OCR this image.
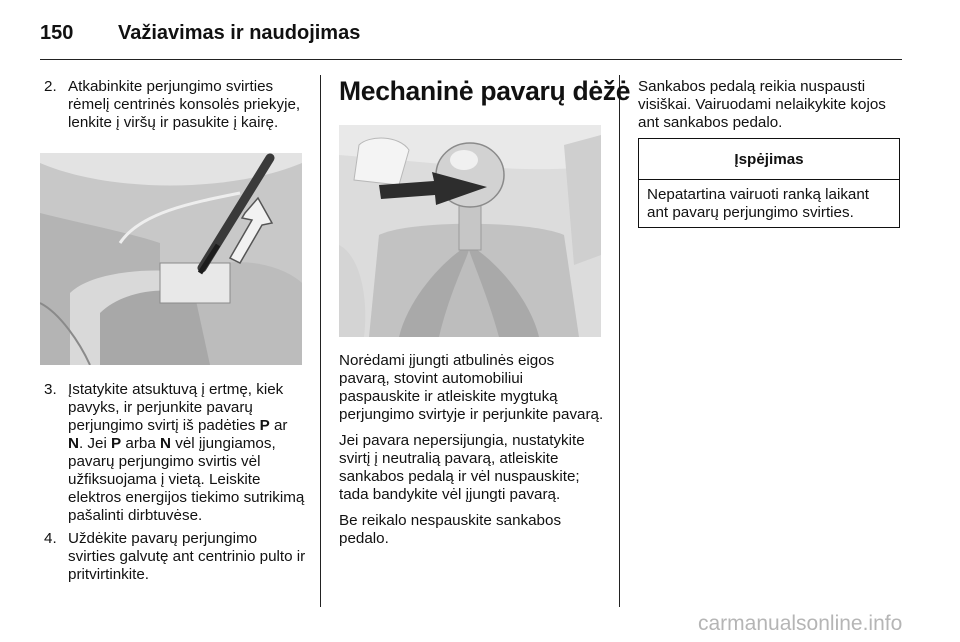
150	Važiavimas ir naudojimas
2. Atkabinkite perjungimo svirties rėmelį centrinės konsolės priekyje, lenkite į viršų ir pasukite į kairę.
3. Įstatykite atsuktuvą į ertmę, kiek pavyks, ir perjunkite pavarų perjungimo svirtį iš padėties P ar N. Jei P arba N vėl įjungiamos, pavarų perjungimo svirtis vėl užfiksuojama į vietą. Leiskite elektros energijos tiekimo sutrikimą pašalinti dirbtuvėse.
4. Uždėkite pavarų perjungimo svirties galvutę ant centrinio pulto ir pritvirtinkite.
Mechaninė pavarų dėžė

Norėdami įjungti atbulinės eigos pavarą, stovint automobiliui paspauskite ir atleiskite mygtuką perjungimo svirtyje ir perjunkite pavarą.

Jei pavara nepersijungia, nustatykite svirtį į neutralią pavarą, atleiskite sankabos pedalą ir vėl nuspauskite; tada bandykite vėl įjungti pavarą.

Be reikalo nespauskite sankabos pedalo.

Sankabos pedalą reikia nuspausti visiškai. Vairuodami nelaikykite kojos ant sankabos pedalo.

Įspėjimas
Nepatartina vairuoti ranką laikant ant pavarų perjungimo svirties.
carmanualsonline.info
